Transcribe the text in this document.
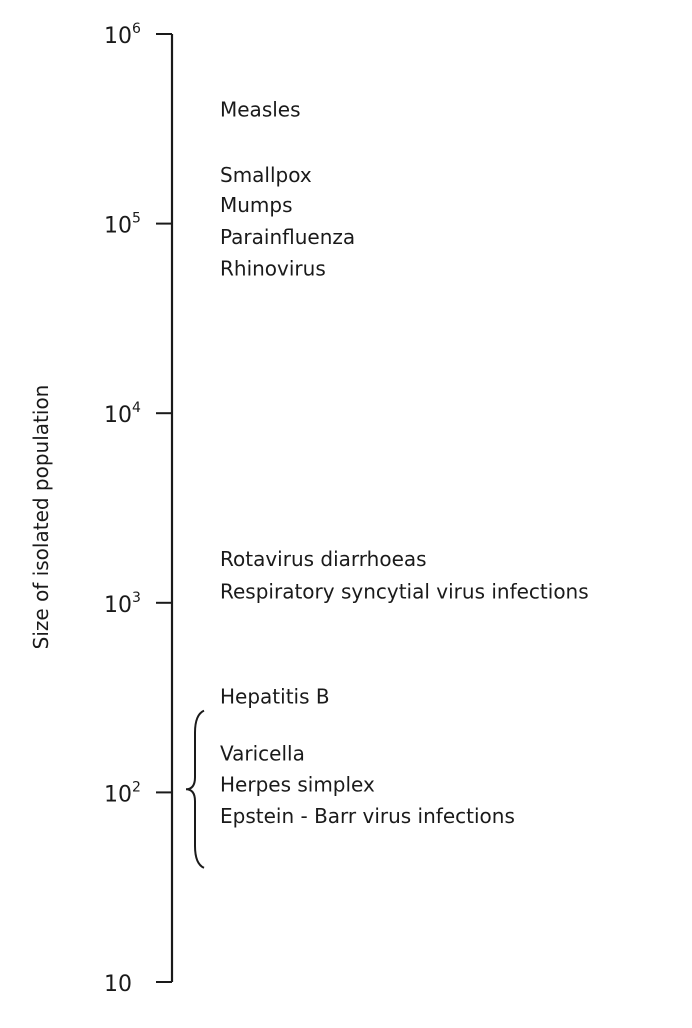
Size of isolated population
10
$10^2$
$10^3$
$10^4$
$10^5$
$10^6$
Measles
Smallpox
Mumps
Parainfluenza
Rhinovirus
Rotavirus diarrhoeas
Respiratory syncytial virus infections
Hepatitis B
Varicella
Herpes simplex
Epstein - Barr virus infections
